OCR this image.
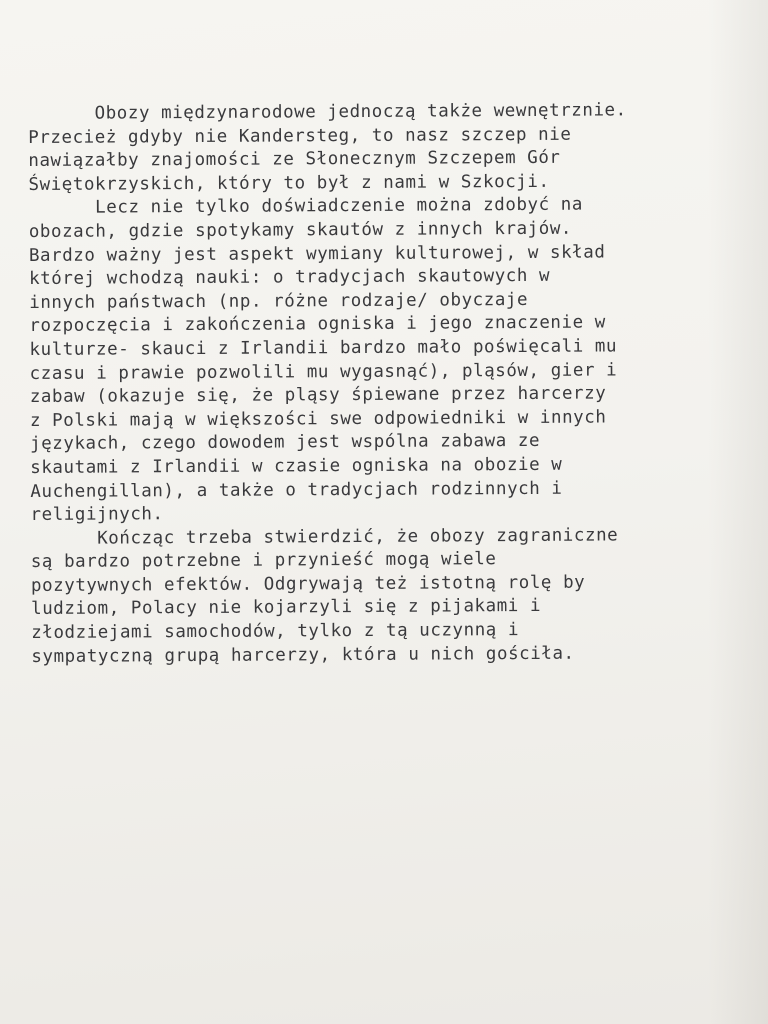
Obozy międzynarodowe jednoczą także wewnętrznie.
Przecież gdyby nie Kandersteg, to nasz szczep nie
nawiązałby znajomości ze Słonecznym Szczepem Gór
Świętokrzyskich, który to był z nami w Szkocji.
Lecz nie tylko doświadczenie można zdobyć na
obozach, gdzie spotykamy skautów z innych krajów.
Bardzo ważny jest aspekt wymiany kulturowej, w skład
której wchodzą nauki: o tradycjach skautowych w
innych państwach (np. różne rodzaje/ obyczaje
rozpoczęcia i zakończenia ogniska i jego znaczenie w
kulturze- skauci z Irlandii bardzo mało poświęcali mu
czasu i prawie pozwolili mu wygasnąć), pląsów, gier i
zabaw (okazuje się, że pląsy śpiewane przez harcerzy
z Polski mają w większości swe odpowiedniki w innych
językach, czego dowodem jest wspólna zabawa ze
skautami z Irlandii w czasie ogniska na obozie w
Auchengillan), a także o tradycjach rodzinnych i
religijnych.
Kończąc trzeba stwierdzić, że obozy zagraniczne
są bardzo potrzebne i przynieść mogą wiele
pozytywnych efektów. Odgrywają też istotną rolę by
ludziom, Polacy nie kojarzyli się z pijakami i
złodziejami samochodów, tylko z tą uczynną i
sympatyczną grupą harcerzy, która u nich gościła.
